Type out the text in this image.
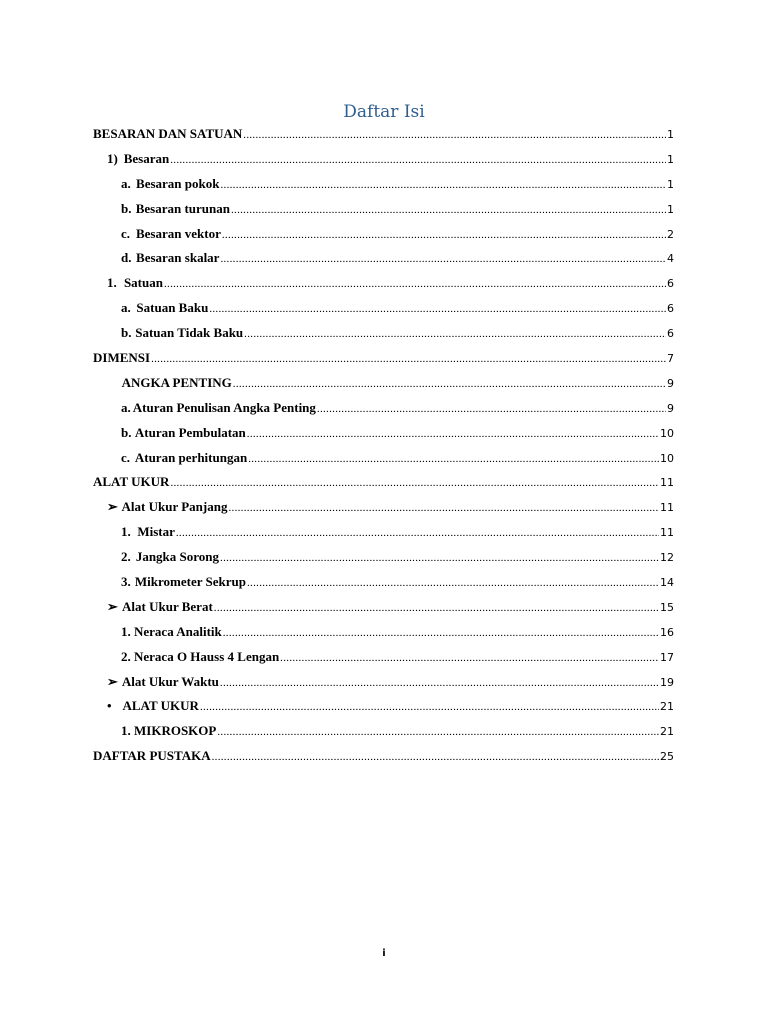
Daftar Isi
BESARAN DAN SATUAN .....	1
1) Besaran .....	1
a. Besaran pokok .....	1
b. Besaran turunan .....	1
c. Besaran vektor .....	2
d. Besaran skalar .....	4
1. Satuan .....	6
a. Satuan Baku .....	6
b. Satuan Tidak Baku .....	6
DIMENSI .....	7
ANGKA PENTING .....	9
a. Aturan Penulisan Angka Penting .....	9
b. Aturan Pembulatan .....	10
c. Aturan perhitungan .....	10
ALAT UKUR .....	11
➢ Alat Ukur Panjang .....	11
1. Mistar .....	11
2. Jangka Sorong .....	12
3. Mikrometer Sekrup .....	14
➢ Alat Ukur Berat .....	15
1. Neraca Analitik .....	16
2. Neraca O Hauss 4 Lengan .....	17
➢ Alat Ukur Waktu .....	19
• ALAT UKUR .....	21
1. MIKROSKOP .....	21
DAFTAR PUSTAKA .....	25
i
